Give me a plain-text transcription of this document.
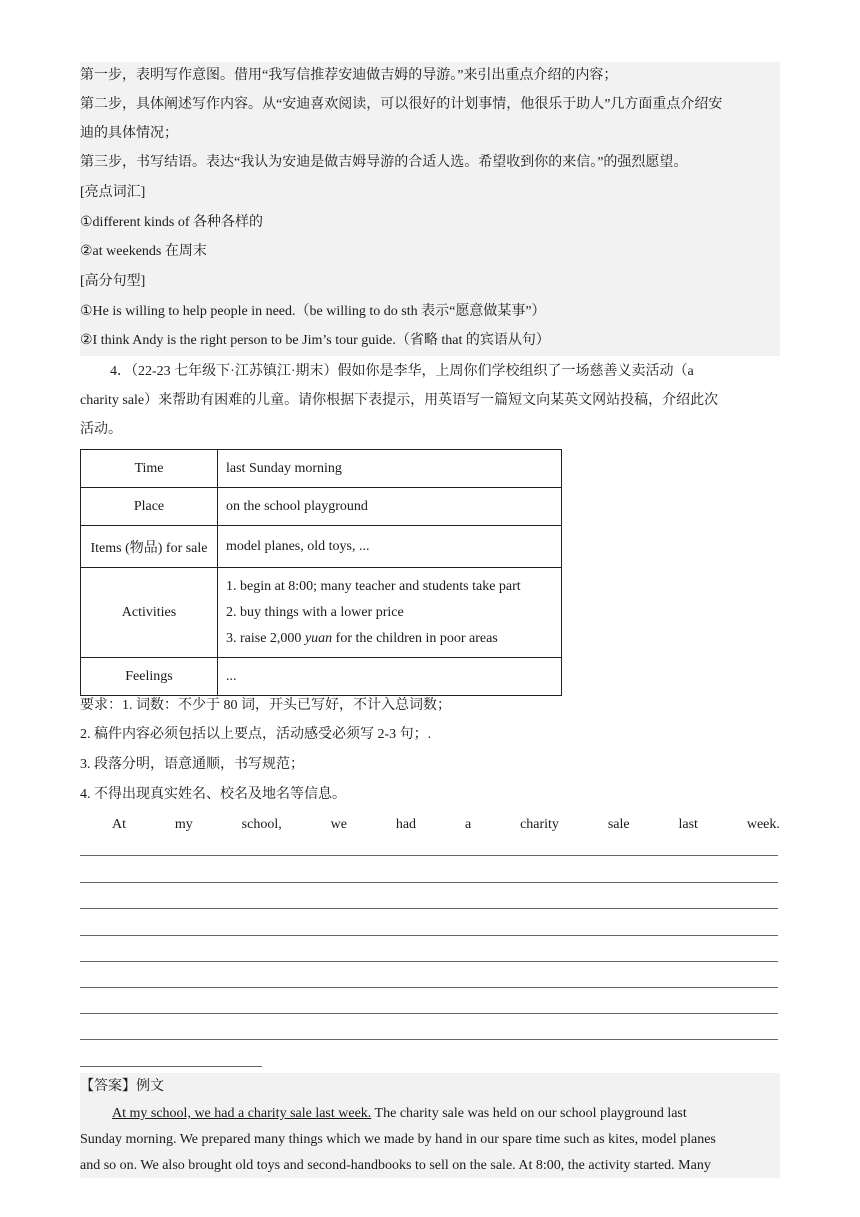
第一步，表明写作意图。借用“我写信推荐安迪做吉姆的导游。”来引出重点介绍的内容；
第二步，具体阐述写作内容。从“安迪喜欢阅读，可以很好的计划事情，他很乐于助人”几方面重点介绍安
迪的具体情况；
第三步，书写结语。表达“我认为安迪是做吉姆导游的合适人选。希望收到你的来信。”的强烈愿望。
[亮点词汇]
①different kinds of 各种各样的
②at weekends 在周末
[高分句型]
①He is willing to help people in need.（be willing to do sth 表示“愿意做某事”）
②I think Andy is the right person to be Jim’s tour guide.（省略 that 的宾语从句）
4．（22-23 七年级下·江苏镇江·期末）假如你是李华，上周你们学校组织了一场慈善义卖活动（a
charity sale）来帮助有困难的儿童。请你根据下表提示，用英语写一篇短文向某英文网站投稿，介绍此次
活动。
Time	last Sunday morning
Place	on the school playground
Items (物品) for sale	model planes, old toys, ...
Activities	1. begin at 8:00; many teacher and students take part
2. buy things with a lower price
3. raise 2,000 yuan for the children in poor areas

Feelings	...
要求：1. 词数：不少于 80 词，开头已写好，不计入总词数；
2. 稿件内容必须包括以上要点，活动感受必须写 2-3 句；.
3. 段落分明，语意通顺，书写规范；
4. 不得出现真实姓名、校名及地名等信息。
At	my	school,	we	had	a	charity	sale	last	week.
【答案】例文
At my school, we had a charity sale last week. The charity sale was held on our school playground last
Sunday morning. We prepared many things which we made by hand in our spare time such as kites, model planes
and so on. We also brought old toys and second-handbooks to sell on the sale. At 8:00, the activity started. Many
